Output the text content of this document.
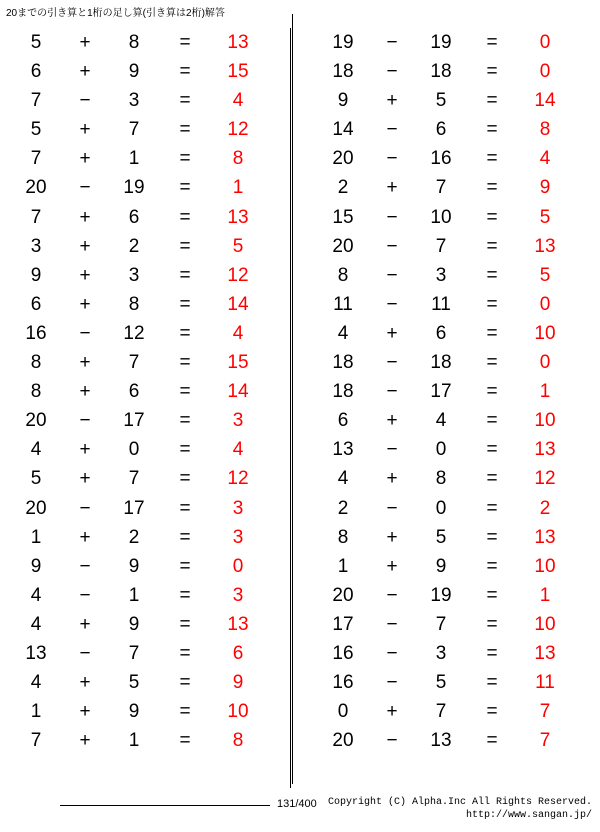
20までの引き算と1桁の足し算(引き算は2桁)解答
5	+	8	=	13
6	+	9	=	15
7	−	3	=	4
5	+	7	=	12
7	+	1	=	8
20	−	19	=	1
7	+	6	=	13
3	+	2	=	5
9	+	3	=	12
6	+	8	=	14
16	−	12	=	4
8	+	7	=	15
8	+	6	=	14
20	−	17	=	3
4	+	0	=	4
5	+	7	=	12
20	−	17	=	3
1	+	2	=	3
9	−	9	=	0
4	−	1	=	3
4	+	9	=	13
13	−	7	=	6
4	+	5	=	9
1	+	9	=	10
7	+	1	=	8
19	−	19	=	0
18	−	18	=	0
9	+	5	=	14
14	−	6	=	8
20	−	16	=	4
2	+	7	=	9
15	−	10	=	5
20	−	7	=	13
8	−	3	=	5
11	−	11	=	0
4	+	6	=	10
18	−	18	=	0
18	−	17	=	1
6	+	4	=	10
13	−	0	=	13
4	+	8	=	12
2	−	0	=	2
8	+	5	=	13
1	+	9	=	10
20	−	19	=	1
17	−	7	=	10
16	−	3	=	13
16	−	5	=	11
0	+	7	=	7
20	−	13	=	7
131/400 Copyright (C) Alpha.Inc All Rights Reserved.
http://www.sangan.jp/
